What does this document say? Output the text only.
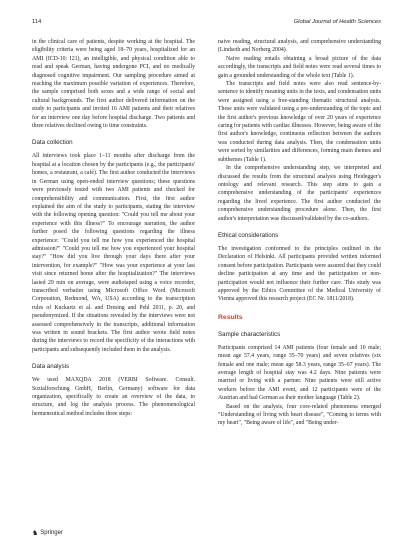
114	Global Journal of Health Sciences

in the clinical care of patients, despite working at the hospital. The eligibility criteria were being aged 18–70 years, hospitalized for an AMI (ICD-10: I21), an intelligible, and physical condition able to read and speak German, having undergone PCI, and no medically diagnosed cognitive impairment. Our sampling procedure aimed at reaching the maximum possible variation of experiences. Therefore, the sample comprised both sexes and a wide range of social and cultural backgrounds. The first author delivered information on the study to participants and invited 16 AMI patients and their relatives for an interview one day before hospital discharge. Two patients and three relatives declined owing to time constraints.

Data collection

All interviews took place 1–11 months after discharge from the hospital at a location chosen by the participants (e.g., the participants' homes, a restaurant, a café). The first author conducted the interviews in German using open-ended interview questions; these questions were previously tested with two AMI patients and checked for comprehensibility and communication. First, the first author explained the aim of the study to participants, stating the interview with the following opening question: "Could you tell me about your experience with this illness?" To encourage narration, the author further posed the following questions regarding the illness experience: "Could you tell me how you experienced the hospital admission?" "Could you tell me how you experienced your hospital stay?" "How did you live through your days there after your intervention, for example?" "How was your experience at your last visit since returned home after the hospitalization?" The interviews lasted 29 min on average, were audiotaped using a voice recorder, transcribed verbatim using Microsoft Office Word (Microsoft Corporation, Redmond, WA, USA) according to the transcription rules of Kuckartz et al. and Dresing and Pehl 2011, p. 20, and pseudonymized. If the situations revealed by the interviews were not assessed comprehensively in the transcripts, additional information was written in sound brackets. The first author wrote field notes during the interviews to record the specificity of the interactions with participants and subsequently included them in the analysis.

Data analysis

We used MAXQDA 2018 (VERBI Software. Consult. Sozialforschung GmbH, Berlin, Germany) software for data organization, specifically to create an overview of the data, to structure, and log the analysis process. The phenomenological hermeneutical method includes three steps:

naive reading, structural analysis, and comprehensive understanding (Lindseth and Norberg 2004).

Naive reading entails obtaining a broad picture of the data accordingly, the transcripts and field notes were read several times to gain a grounded understanding of the whole text (Table 1).

The transcripts and field notes were also read sentence-by-sentence to identify meaning units in the texts, and condensation units were assigned using a free-standing thematic structural analysis. These units were validated using a pre-understanding of the topic and the first author's previous knowledge of over 20 years of experience caring for patients with cardiac illnesses. However, being aware of the first author's knowledge, continuous reflection between the authors was conducted during data analysis. Then, the condensation units were sorted by similarities and differences, forming main themes and subthemes (Table 1).

In the comprehensive understanding step, we interpreted and discussed the results from the structural analysis using Heidegger's ontology and relevant research. This step aims to gain a comprehensive understanding of the participants' experiences regarding the lived experience. The first author conducted the comprehensive understanding procedure alone. Then, the first author's interpretation was discussed/validated by the co-authors.

Ethical considerations

The investigation conformed to the principles outlined in the Declaration of Helsinki. All participants provided written informed consent before participation. Participants were assured that they could decline participation at any time and the participation or non-participation would not influence their further care. This study was approved by the Ethics Committee of the Medical University of Vienna approved this research project (EC Nr. 1811/2018).

Results
Sample characteristics

Participants comprised 14 AMI patients (four female and 10 male; mean age 57.4 years, range 35–70 years) and seven relatives (six female and one male; mean age 58.3 years, range 35–67 years). The average length of hospital stay was 4.2 days. Nine patients were married or living with a partner. Nine patients were still active workers before the AMI event, and 12 participants were of the Austrian and had German as their mother language (Table 2).

Based on the analysis, four core-related phenomena emerged "Understanding of living with heart disease", "Coming to terms with my heart", "Being aware of life", and "Being under-

♞ Springer
